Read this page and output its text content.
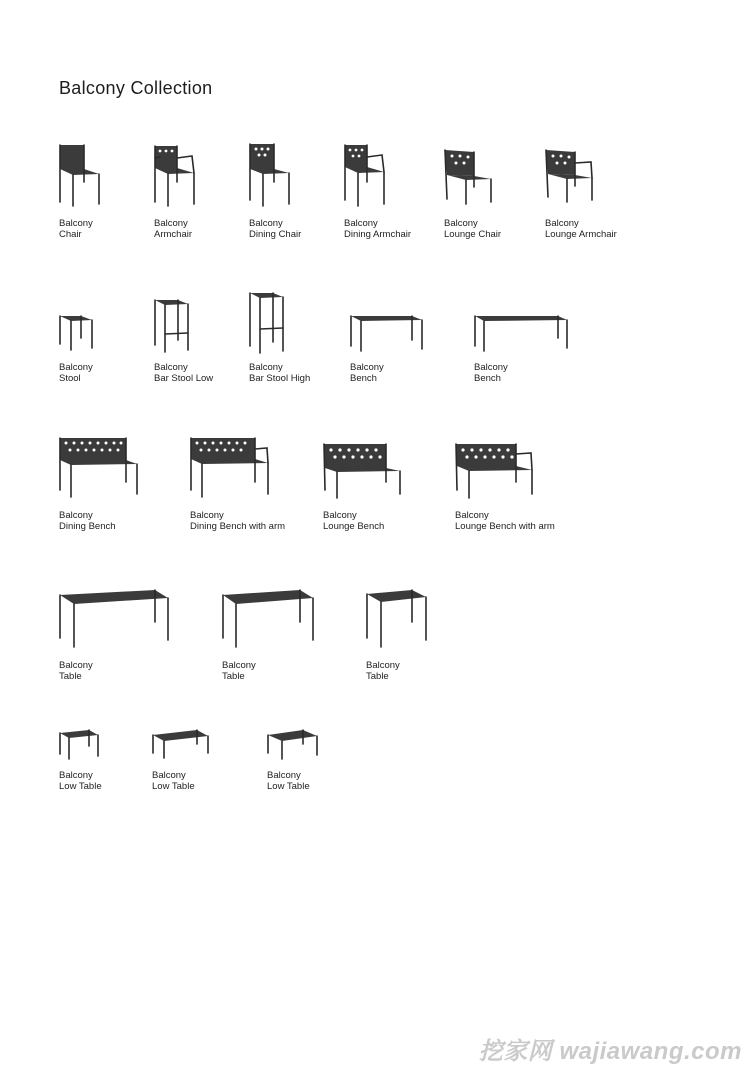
Balcony Collection
Balcony
Chair
Balcony
Armchair
Balcony
Dining Chair
Balcony
Dining Armchair
Balcony
Lounge Chair
Balcony
Lounge Armchair
Balcony
Stool
Balcony
Bar Stool Low
Balcony
Bar Stool High
Balcony
Bench
Balcony
Bench
Balcony
Dining Bench
Balcony
Dining Bench with arm
Balcony
Lounge Bench
Balcony
Lounge Bench with arm
Balcony
Table
Balcony
Table
Balcony
Table
Balcony
Low Table
Balcony
Low Table
Balcony
Low Table
挖家网 wajiawang.com
